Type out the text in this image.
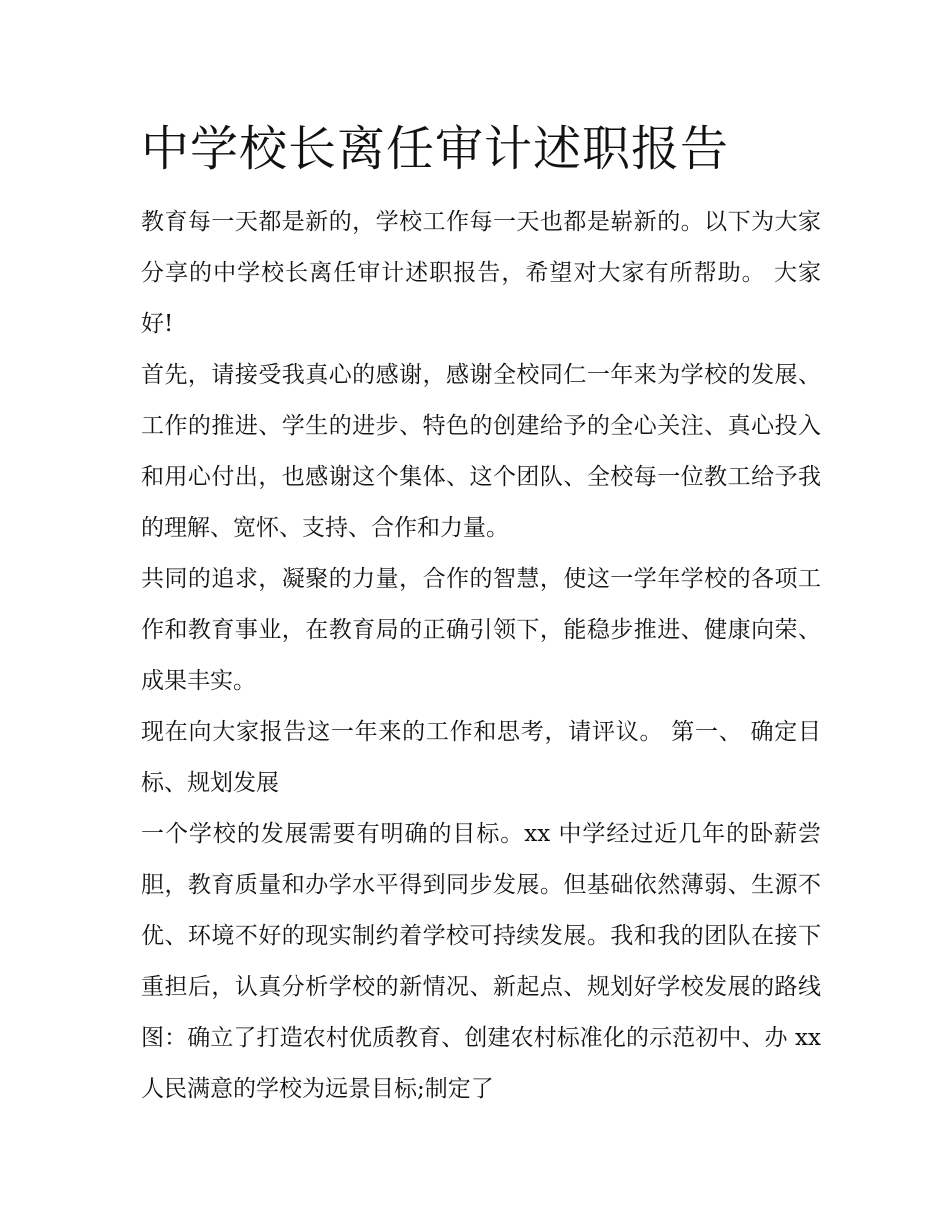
中学校长离任审计述职报告

教育每一天都是新的，学校工作每一天也都是崭新的。以下为大家分享的中学校长离任审计述职报告，希望对大家有所帮助。 大家好!

首先，请接受我真心的感谢，感谢全校同仁一年来为学校的发展、工作的推进、学生的进步、特色的创建给予的全心关注、真心投入和用心付出，也感谢这个集体、这个团队、全校每一位教工给予我的理解、宽怀、支持、合作和力量。

共同的追求，凝聚的力量，合作的智慧，使这一学年学校的各项工作和教育事业，在教育局的正确引领下，能稳步推进、健康向荣、成果丰实。

现在向大家报告这一年来的工作和思考，请评议。 第一、 确定目标、规划发展

一个学校的发展需要有明确的目标。xx 中学经过近几年的卧薪尝胆，教育质量和办学水平得到同步发展。但基础依然薄弱、生源不优、环境不好的现实制约着学校可持续发展。我和我的团队在接下重担后，认真分析学校的新情况、新起点、规划好学校发展的路线图：确立了打造农村优质教育、创建农村标准化的示范初中、办 xx 人民满意的学校为远景目标;制定了
